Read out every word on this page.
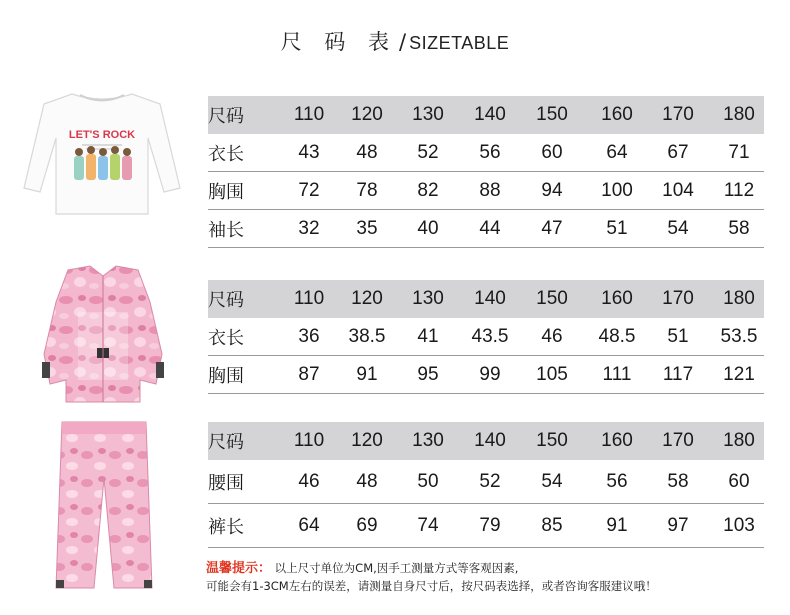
尺 码 表/ SIZETABLE
LET'S ROCK
尺码	110 120 130 140 150 160 170 180
衣长	43 48 52 56 60 64 67 71
胸围	72 78 82 88 94 100 104 112
袖长	32 35 40 44 47 51 54 58
尺码	110 120 130 140 150 160 170 180
衣长	36 38.5 41 43.5 46 48.5 51 53.5
胸围	87 91 95 99 105 111 117 121
尺码	110 120 130 140 150 160 170 180
腰围	46 48 50 52 54 56 58 60
裤长	64 69 74 79 85 91 97 103
温馨提示： 以上尺寸单位为CM,因手工测量方式等客观因素,
可能会有1-3CM左右的误差，请测量自身尺寸后，按尺码表选择，或者咨询客服建议哦！
